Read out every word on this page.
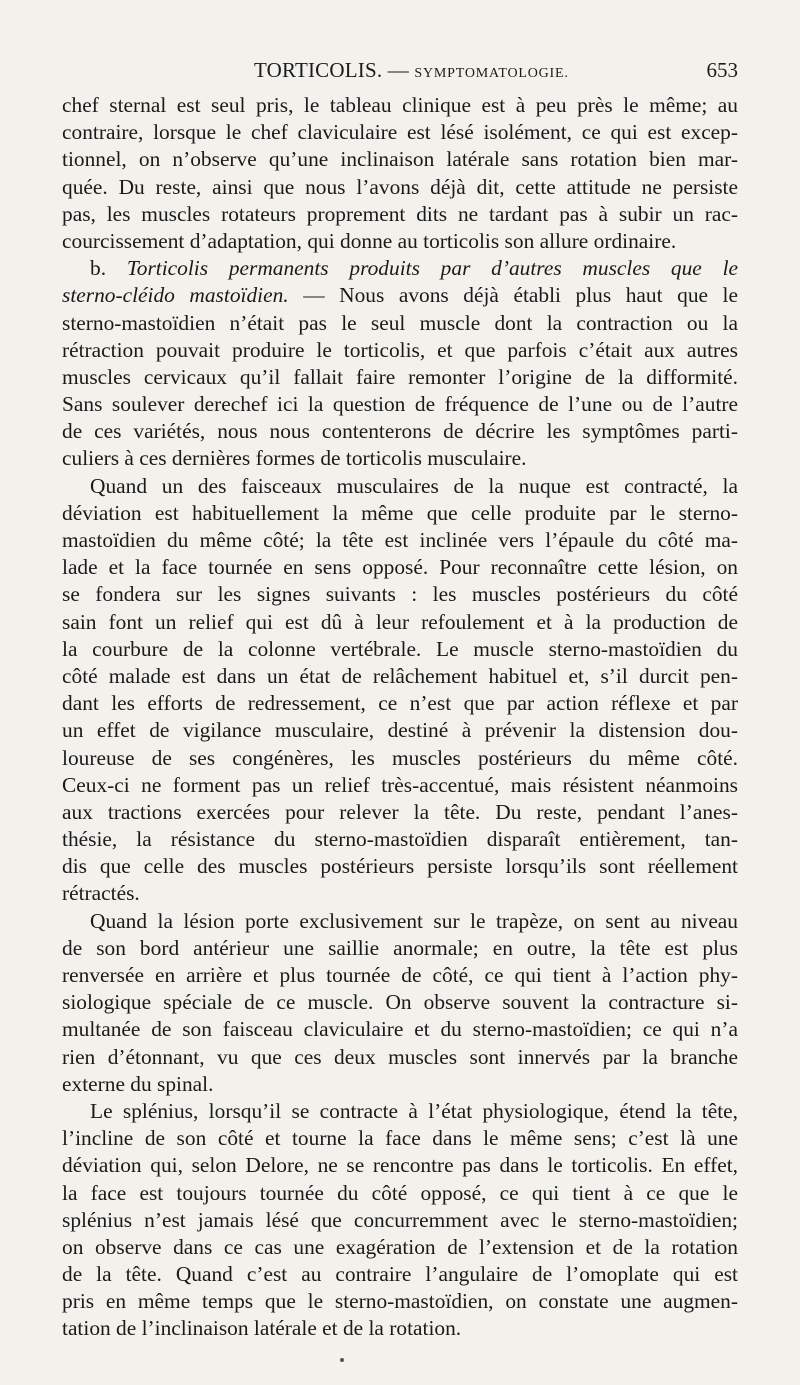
TORTICOLIS. — SYMPTOMATOLOGIE.	653
chef sternal est seul pris, le tableau clinique est à peu près le même; au
contraire, lorsque le chef claviculaire est lésé isolément, ce qui est excep-
tionnel, on n’observe qu’une inclinaison latérale sans rotation bien mar-
quée. Du reste, ainsi que nous l’avons déjà dit, cette attitude ne persiste
pas, les muscles rotateurs proprement dits ne tardant pas à subir un rac-
courcissement d’adaptation, qui donne au torticolis son allure ordinaire.
b. Torticolis permanents produits par d’autres muscles que le
sterno-cléido mastoïdien. — Nous avons déjà établi plus haut que le
sterno-mastoïdien n’était pas le seul muscle dont la contraction ou la
rétraction pouvait produire le torticolis, et que parfois c’était aux autres
muscles cervicaux qu’il fallait faire remonter l’origine de la difformité.
Sans soulever derechef ici la question de fréquence de l’une ou de l’autre
de ces variétés, nous nous contenterons de décrire les symptômes parti-
culiers à ces dernières formes de torticolis musculaire.
Quand un des faisceaux musculaires de la nuque est contracté, la
déviation est habituellement la même que celle produite par le sterno-
mastoïdien du même côté; la tête est inclinée vers l’épaule du côté ma-
lade et la face tournée en sens opposé. Pour reconnaître cette lésion, on
se fondera sur les signes suivants : les muscles postérieurs du côté
sain font un relief qui est dû à leur refoulement et à la production de
la courbure de la colonne vertébrale. Le muscle sterno-mastoïdien du
côté malade est dans un état de relâchement habituel et, s’il durcit pen-
dant les efforts de redressement, ce n’est que par action réflexe et par
un effet de vigilance musculaire, destiné à prévenir la distension dou-
loureuse de ses congénères, les muscles postérieurs du même côté.
Ceux-ci ne forment pas un relief très-accentué, mais résistent néanmoins
aux tractions exercées pour relever la tête. Du reste, pendant l’anes-
thésie, la résistance du sterno-mastoïdien disparaît entièrement, tan-
dis que celle des muscles postérieurs persiste lorsqu’ils sont réellement
rétractés.
Quand la lésion porte exclusivement sur le trapèze, on sent au niveau
de son bord antérieur une saillie anormale; en outre, la tête est plus
renversée en arrière et plus tournée de côté, ce qui tient à l’action phy-
siologique spéciale de ce muscle. On observe souvent la contracture si-
multanée de son faisceau claviculaire et du sterno-mastoïdien; ce qui n’a
rien d’étonnant, vu que ces deux muscles sont innervés par la branche
externe du spinal.
Le splénius, lorsqu’il se contracte à l’état physiologique, étend la tête,
l’incline de son côté et tourne la face dans le même sens; c’est là une
déviation qui, selon Delore, ne se rencontre pas dans le torticolis. En effet,
la face est toujours tournée du côté opposé, ce qui tient à ce que le
splénius n’est jamais lésé que concurremment avec le sterno-mastoïdien;
on observe dans ce cas une exagération de l’extension et de la rotation
de la tête. Quand c’est au contraire l’angulaire de l’omoplate qui est
pris en même temps que le sterno-mastoïdien, on constate une augmen-
tation de l’inclinaison latérale et de la rotation.
